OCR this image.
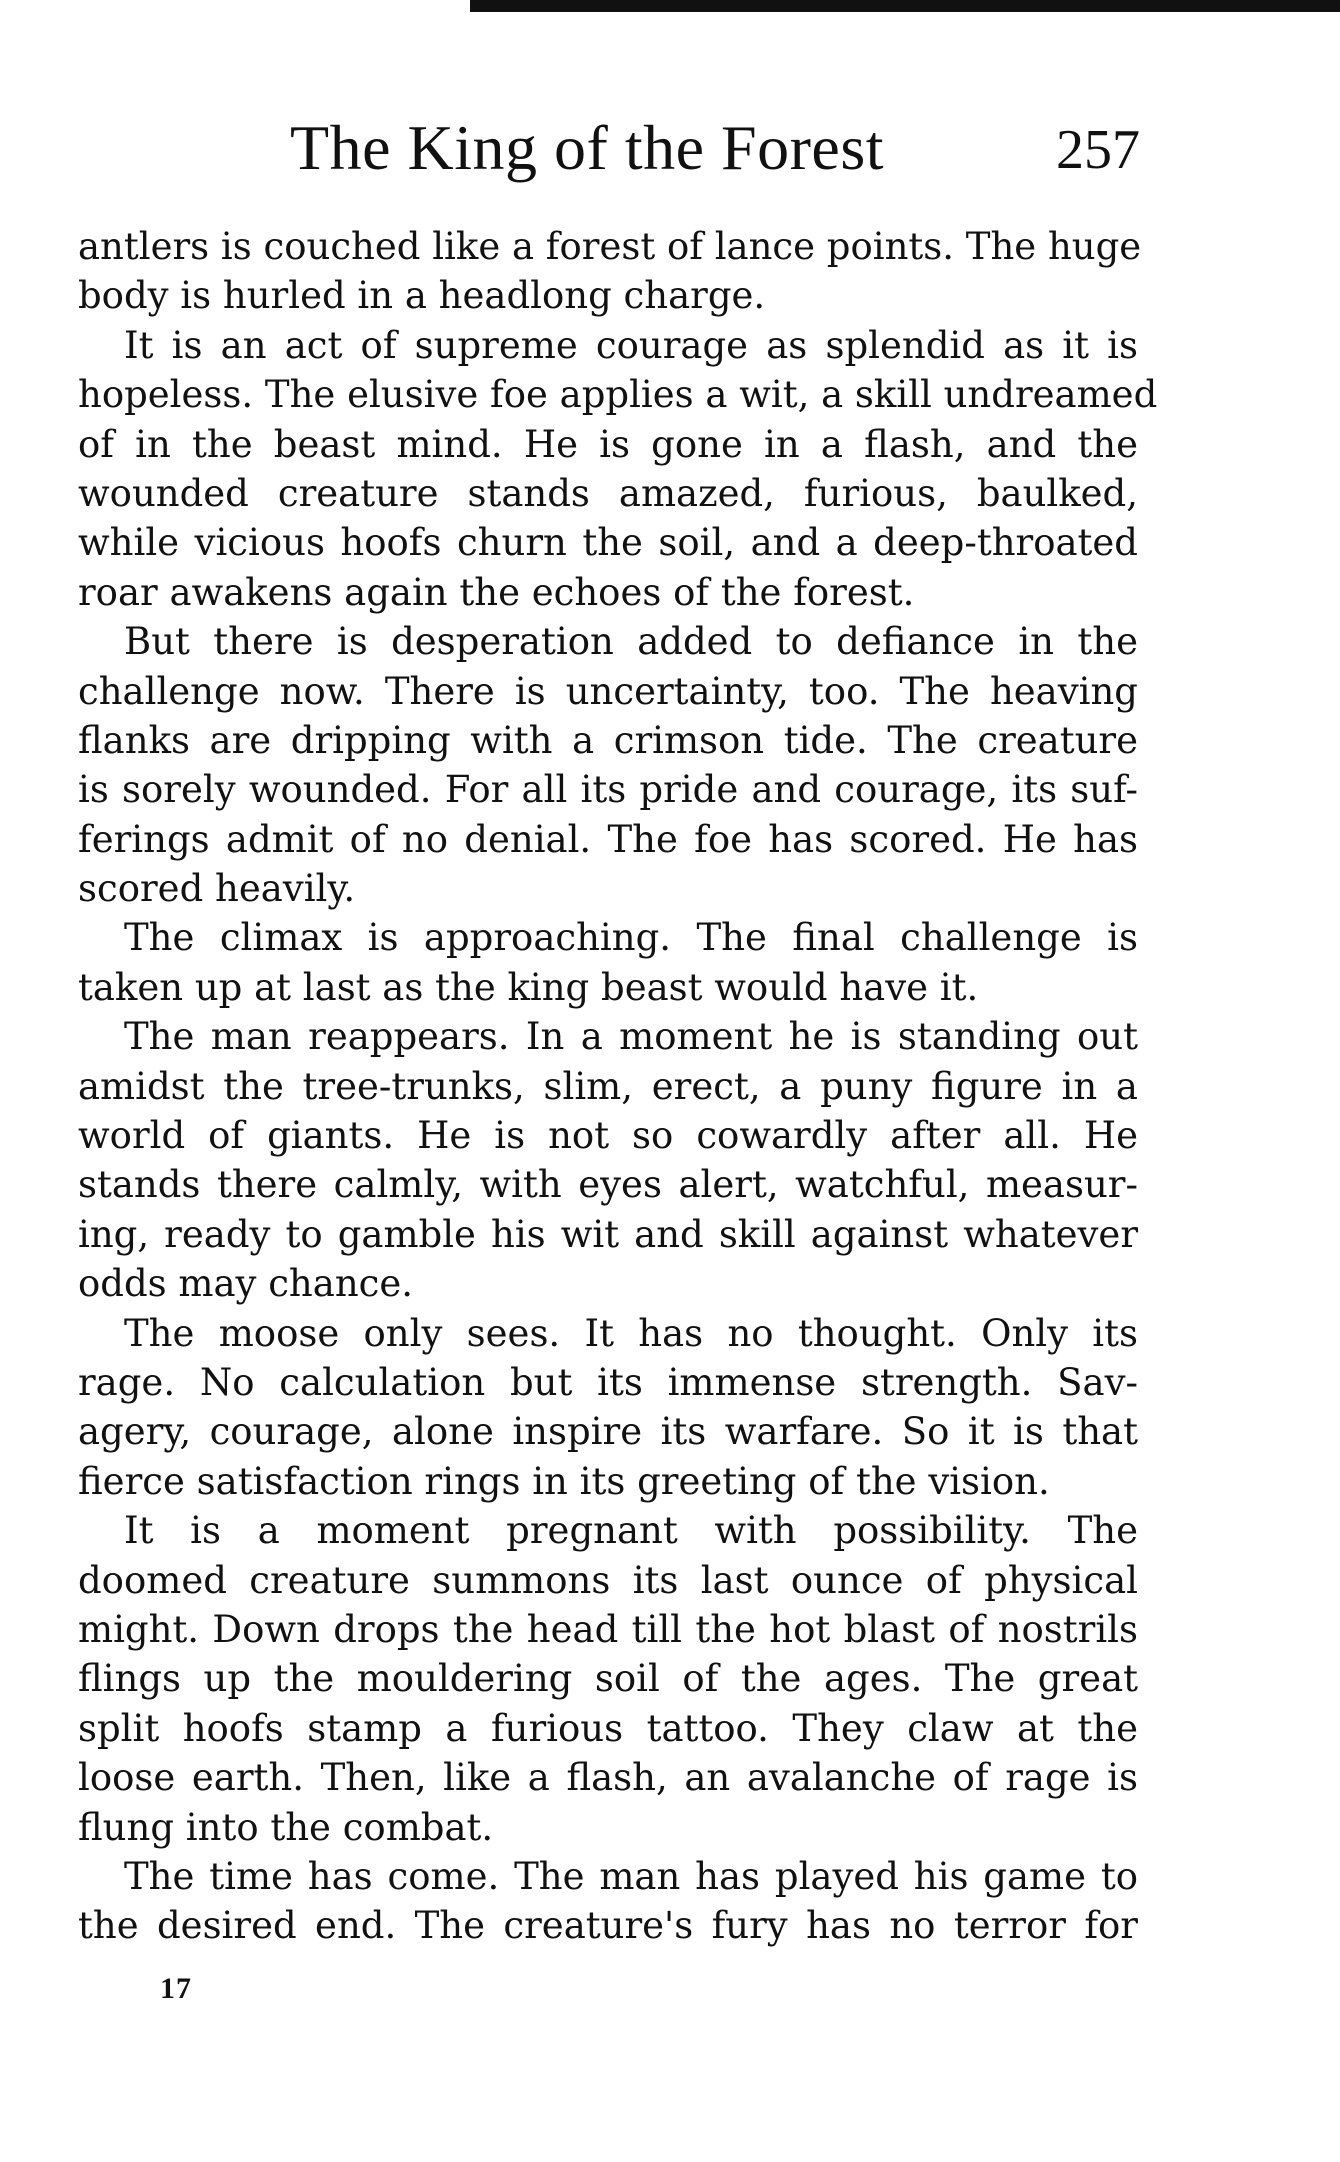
The King of the Forest	257
antlers is couched like a forest of lance points. The huge
body is hurled in a headlong charge.
It is an act of supreme courage as splendid as it is
hopeless. The elusive foe applies a wit, a skill undreamed
of in the beast mind. He is gone in a flash, and the
wounded creature stands amazed, furious, baulked,
while vicious hoofs churn the soil, and a deep-throated
roar awakens again the echoes of the forest.
But there is desperation added to defiance in the
challenge now. There is uncertainty, too. The heaving
flanks are dripping with a crimson tide. The creature
is sorely wounded. For all its pride and courage, its suf-
ferings admit of no denial. The foe has scored. He has
scored heavily.
The climax is approaching. The final challenge is
taken up at last as the king beast would have it.
The man reappears. In a moment he is standing out
amidst the tree-trunks, slim, erect, a puny figure in a
world of giants. He is not so cowardly after all. He
stands there calmly, with eyes alert, watchful, measur-
ing, ready to gamble his wit and skill against whatever
odds may chance.
The moose only sees. It has no thought. Only its
rage. No calculation but its immense strength. Sav-
agery, courage, alone inspire its warfare. So it is that
fierce satisfaction rings in its greeting of the vision.
It is a moment pregnant with possibility. The
doomed creature summons its last ounce of physical
might. Down drops the head till the hot blast of nostrils
flings up the mouldering soil of the ages. The great
split hoofs stamp a furious tattoo. They claw at the
loose earth. Then, like a flash, an avalanche of rage is
flung into the combat.
The time has come. The man has played his game to
the desired end. The creature's fury has no terror for
17
